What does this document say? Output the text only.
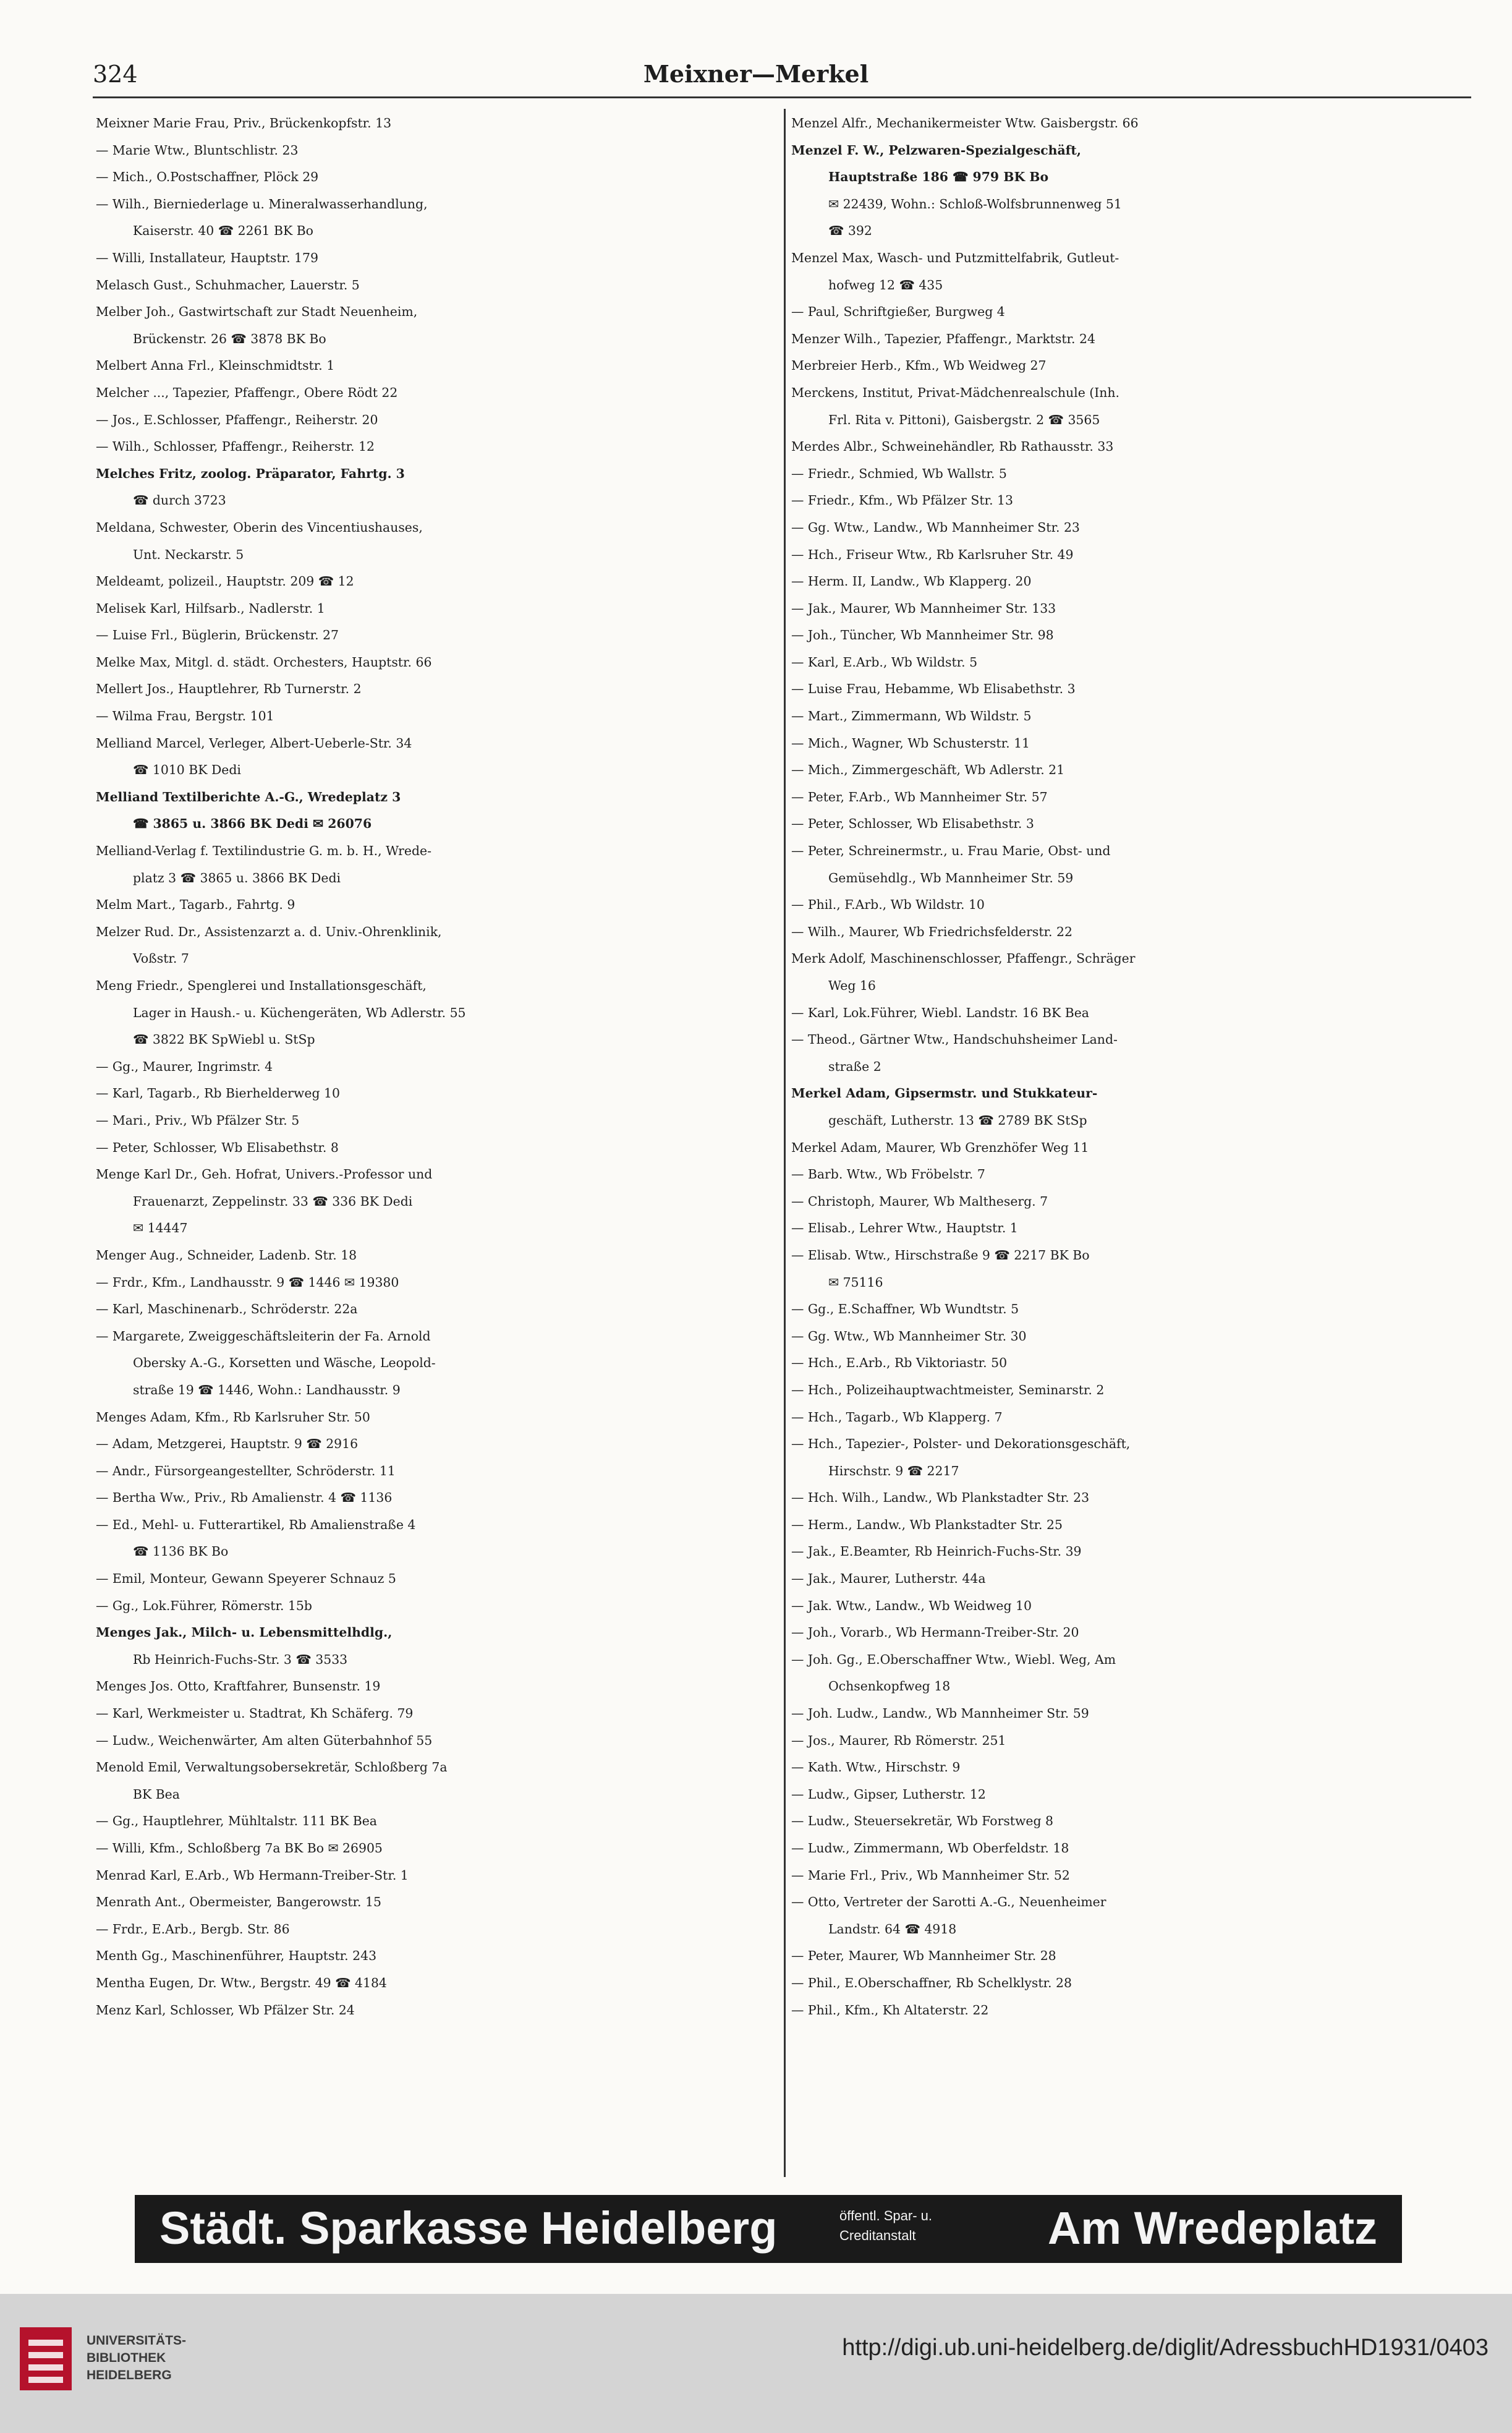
324	Meixner—Merkel
Meixner Marie Frau, Priv., Brückenkopfstr. 13
— Marie Wtw., Bluntschlistr. 23
— Mich., O.Postschaffner, Plöck 29
— Wilh., Bierniederlage u. Mineralwasserhandlung,
Kaiserstr. 40 ☎ 2261 BK Bo
— Willi, Installateur, Hauptstr. 179
Melasch Gust., Schuhmacher, Lauerstr. 5
Melber Joh., Gastwirtschaft zur Stadt Neuenheim,
Brückenstr. 26 ☎ 3878 BK Bo
Melbert Anna Frl., Kleinschmidtstr. 1
Melcher ..., Tapezier, Pfaffengr., Obere Rödt 22
— Jos., E.Schlosser, Pfaffengr., Reiherstr. 20
— Wilh., Schlosser, Pfaffengr., Reiherstr. 12
Melches Fritz, zoolog. Präparator, Fahrtg. 3
☎ durch 3723
Meldana, Schwester, Oberin des Vincentiushauses,
Unt. Neckarstr. 5
Meldeamt, polizeil., Hauptstr. 209 ☎ 12
Melisek Karl, Hilfsarb., Nadlerstr. 1
— Luise Frl., Büglerin, Brückenstr. 27
Melke Max, Mitgl. d. städt. Orchesters, Hauptstr. 66
Mellert Jos., Hauptlehrer, Rb Turnerstr. 2
— Wilma Frau, Bergstr. 101
Melliand Marcel, Verleger, Albert-Ueberle-Str. 34
☎ 1010 BK Dedi
Melliand Textilberichte A.-G., Wredeplatz 3
☎ 3865 u. 3866 BK Dedi ✉ 26076
Melliand-Verlag f. Textilindustrie G. m. b. H., Wrede-
platz 3 ☎ 3865 u. 3866 BK Dedi
Melm Mart., Tagarb., Fahrtg. 9
Melzer Rud. Dr., Assistenzarzt a. d. Univ.-Ohrenklinik,
Voßstr. 7
Meng Friedr., Spenglerei und Installationsgeschäft,
Lager in Haush.- u. Küchengeräten, Wb Adlerstr. 55
☎ 3822 BK SpWiebl u. StSp
— Gg., Maurer, Ingrimstr. 4
— Karl, Tagarb., Rb Bierhelderweg 10
— Mari., Priv., Wb Pfälzer Str. 5
— Peter, Schlosser, Wb Elisabethstr. 8
Menge Karl Dr., Geh. Hofrat, Univers.-Professor und
Frauenarzt, Zeppelinstr. 33 ☎ 336 BK Dedi
✉ 14447
Menger Aug., Schneider, Ladenb. Str. 18
— Frdr., Kfm., Landhausstr. 9 ☎ 1446 ✉ 19380
— Karl, Maschinenarb., Schröderstr. 22a
— Margarete, Zweiggeschäftsleiterin der Fa. Arnold
Obersky A.-G., Korsetten und Wäsche, Leopold-
straße 19 ☎ 1446, Wohn.: Landhausstr. 9
Menges Adam, Kfm., Rb Karlsruher Str. 50
— Adam, Metzgerei, Hauptstr. 9 ☎ 2916
— Andr., Fürsorgeangestellter, Schröderstr. 11
— Bertha Ww., Priv., Rb Amalienstr. 4 ☎ 1136
— Ed., Mehl- u. Futterartikel, Rb Amalienstraße 4
☎ 1136 BK Bo
— Emil, Monteur, Gewann Speyerer Schnauz 5
— Gg., Lok.Führer, Römerstr. 15b
Menges Jak., Milch- u. Lebensmittelhdlg.,
Rb Heinrich-Fuchs-Str. 3 ☎ 3533
Menges Jos. Otto, Kraftfahrer, Bunsenstr. 19
— Karl, Werkmeister u. Stadtrat, Kh Schäferg. 79
— Ludw., Weichenwärter, Am alten Güterbahnhof 55
Menold Emil, Verwaltungsobersekretär, Schloßberg 7a
BK Bea
— Gg., Hauptlehrer, Mühltalstr. 111 BK Bea
— Willi, Kfm., Schloßberg 7a BK Bo ✉ 26905
Menrad Karl, E.Arb., Wb Hermann-Treiber-Str. 1
Menrath Ant., Obermeister, Bangerowstr. 15
— Frdr., E.Arb., Bergb. Str. 86
Menth Gg., Maschinenführer, Hauptstr. 243
Mentha Eugen, Dr. Wtw., Bergstr. 49 ☎ 4184
Menz Karl, Schlosser, Wb Pfälzer Str. 24
Menzel Alfr., Mechanikermeister Wtw. Gaisbergstr. 66
Menzel F. W., Pelzwaren-Spezialgeschäft,
Hauptstraße 186 ☎ 979 BK Bo
✉ 22439, Wohn.: Schloß-Wolfsbrunnenweg 51
☎ 392
Menzel Max, Wasch- und Putzmittelfabrik, Gutleut-
hofweg 12 ☎ 435
— Paul, Schriftgießer, Burgweg 4
Menzer Wilh., Tapezier, Pfaffengr., Marktstr. 24
Merbreier Herb., Kfm., Wb Weidweg 27
Merckens, Institut, Privat-Mädchenrealschule (Inh.
Frl. Rita v. Pittoni), Gaisbergstr. 2 ☎ 3565
Merdes Albr., Schweinehändler, Rb Rathausstr. 33
— Friedr., Schmied, Wb Wallstr. 5
— Friedr., Kfm., Wb Pfälzer Str. 13
— Gg. Wtw., Landw., Wb Mannheimer Str. 23
— Hch., Friseur Wtw., Rb Karlsruher Str. 49
— Herm. II, Landw., Wb Klapperg. 20
— Jak., Maurer, Wb Mannheimer Str. 133
— Joh., Tüncher, Wb Mannheimer Str. 98
— Karl, E.Arb., Wb Wildstr. 5
— Luise Frau, Hebamme, Wb Elisabethstr. 3
— Mart., Zimmermann, Wb Wildstr. 5
— Mich., Wagner, Wb Schusterstr. 11
— Mich., Zimmergeschäft, Wb Adlerstr. 21
— Peter, F.Arb., Wb Mannheimer Str. 57
— Peter, Schlosser, Wb Elisabethstr. 3
— Peter, Schreinermstr., u. Frau Marie, Obst- und
Gemüsehdlg., Wb Mannheimer Str. 59
— Phil., F.Arb., Wb Wildstr. 10
— Wilh., Maurer, Wb Friedrichsfelderstr. 22
Merk Adolf, Maschinenschlosser, Pfaffengr., Schräger
Weg 16
— Karl, Lok.Führer, Wiebl. Landstr. 16 BK Bea
— Theod., Gärtner Wtw., Handschuhsheimer Land-
straße 2
Merkel Adam, Gipsermstr. und Stukkateur-
geschäft, Lutherstr. 13 ☎ 2789 BK StSp
Merkel Adam, Maurer, Wb Grenzhöfer Weg 11
— Barb. Wtw., Wb Fröbelstr. 7
— Christoph, Maurer, Wb Maltheserg. 7
— Elisab., Lehrer Wtw., Hauptstr. 1
— Elisab. Wtw., Hirschstraße 9 ☎ 2217 BK Bo
✉ 75116
— Gg., E.Schaffner, Wb Wundtstr. 5
— Gg. Wtw., Wb Mannheimer Str. 30
— Hch., E.Arb., Rb Viktoriastr. 50
— Hch., Polizeihauptwachtmeister, Seminarstr. 2
— Hch., Tagarb., Wb Klapperg. 7
— Hch., Tapezier-, Polster- und Dekorationsgeschäft,
Hirschstr. 9 ☎ 2217
— Hch. Wilh., Landw., Wb Plankstadter Str. 23
— Herm., Landw., Wb Plankstadter Str. 25
— Jak., E.Beamter, Rb Heinrich-Fuchs-Str. 39
— Jak., Maurer, Lutherstr. 44a
— Jak. Wtw., Landw., Wb Weidweg 10
— Joh., Vorarb., Wb Hermann-Treiber-Str. 20
— Joh. Gg., E.Oberschaffner Wtw., Wiebl. Weg, Am
Ochsenkopfweg 18
— Joh. Ludw., Landw., Wb Mannheimer Str. 59
— Jos., Maurer, Rb Römerstr. 251
— Kath. Wtw., Hirschstr. 9
— Ludw., Gipser, Lutherstr. 12
— Ludw., Steuersekretär, Wb Forstweg 8
— Ludw., Zimmermann, Wb Oberfeldstr. 18
— Marie Frl., Priv., Wb Mannheimer Str. 52
— Otto, Vertreter der Sarotti A.-G., Neuenheimer
Landstr. 64 ☎ 4918
— Peter, Maurer, Wb Mannheimer Str. 28
— Phil., E.Oberschaffner, Rb Schelklystr. 28
— Phil., Kfm., Kh Altaterstr. 22
Städt. Sparkasse Heidelberg	öffentl. Spar- u.
Creditanstalt	Am Wredeplatz
UNIVERSITÄTS-
BIBLIOTHEK
HEIDELBERG
http://digi.ub.uni-heidelberg.de/diglit/AdressbuchHD1931/0403
